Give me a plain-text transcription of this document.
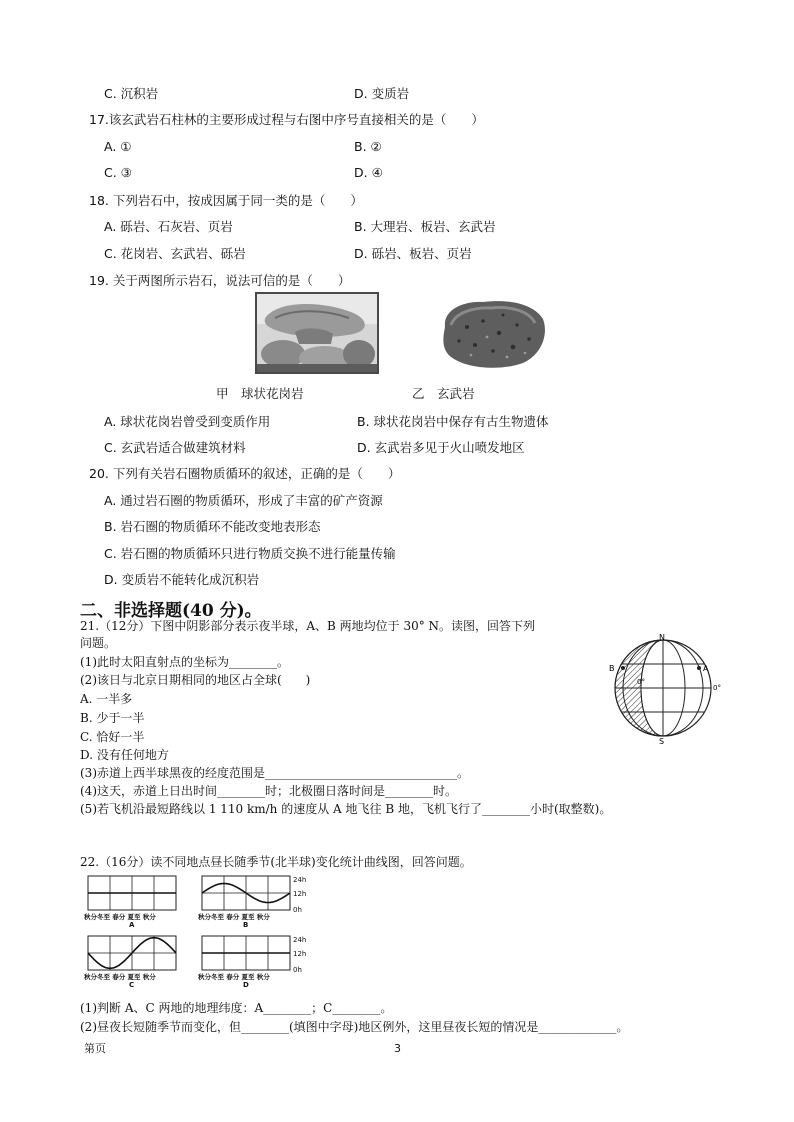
C. 沉积岩	D. 变质岩
17.该玄武岩石柱林的主要形成过程与右图中序号直接相关的是（　　）
A. ①	B. ②
C. ③	D. ④
18. 下列岩石中，按成因属于同一类的是（　　）
A. 砾岩、石灰岩、页岩	B. 大理岩、板岩、玄武岩
C. 花岗岩、玄武岩、砾岩	D. 砾岩、板岩、页岩
19. 关于两图所示岩石，说法可信的是（　　）
甲　球状花岗岩	乙　玄武岩
A. 球状花岗岩曾受到变质作用	B. 球状花岗岩中保存有古生物遗体
C. 玄武岩适合做建筑材料	D. 玄武岩多见于火山喷发地区
20. 下列有关岩石圈物质循环的叙述，正确的是（　　）
A. 通过岩石圈的物质循环，形成了丰富的矿产资源
B. 岩石圈的物质循环不能改变地表形态
C. 岩石圈的物质循环只进行物质交换不进行能量传输
D. 变质岩不能转化成沉积岩
二、非选择题(40 分)。
21.（12分）下图中阴影部分表示夜半球，A、B 两地均位于 30° N。读图，回答下列
问题。
(1)此时太阳直射点的坐标为________。
(2)该日与北京日期相同的地区占全球(　　)
A. 一半多
B. 少于一半
C. 恰好一半
D. 没有任何地方
(3)赤道上西半球黑夜的经度范围是________________________________。
(4)这天，赤道上日出时间________时；北极圈日落时间是________时。
(5)若飞机沿最短路线以 1 110 km/h 的速度从 A 地飞往 B 地，飞机飞行了________小时(取整数)。
N
S
A
B
0°
0°
22.（16分）读不同地点昼长随季节(北半球)变化统计曲线图，回答问题。
秋分冬至 春分 夏至 秋分
A
24h
12h
0h
秋分冬至 春分 夏至 秋分
B
秋分冬至 春分 夏至 秋分
C
24h
12h
0h
秋分冬至 春分 夏至 秋分
D
(1)判断 A、C 两地的地理纬度：A________；C________。
(2)昼夜长短随季节而变化，但________(填图中字母)地区例外，这里昼夜长短的情况是_____________。
第页	3
